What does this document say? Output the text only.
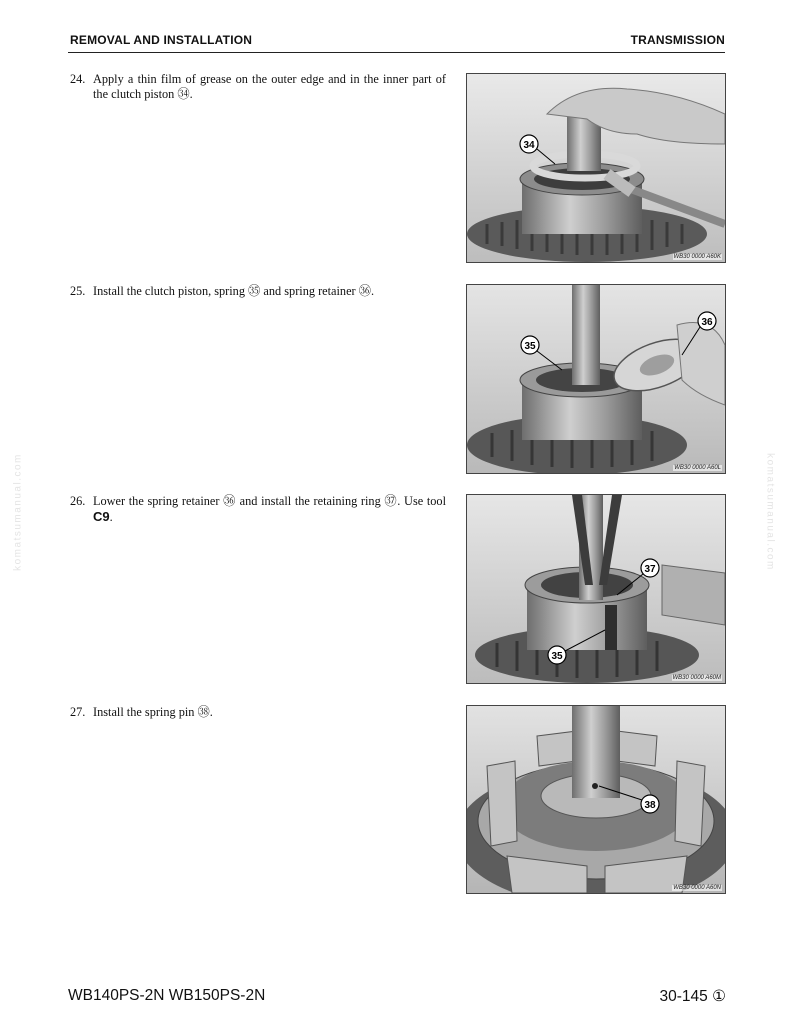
REMOVAL AND INSTALLATION	TRANSMISSION
24. Apply a thin film of grease on the outer edge and in the inner part of the clutch piston ㉞.
25. Install the clutch piston, spring ㉟ and spring retainer ㊱.
26. Lower the spring retainer ㊱ and install the retaining ring ㊲. Use tool C9.
27. Install the spring pin ㊳.
34
WB30 0000 A60K
35
36
WB30 0000 A60L
37
35
WB30 0000 A60M
38
WB30 0000 A60N
komatsumanual.com	komatsumanual.com
WB140PS-2N WB150PS-2N	30-145 ①
